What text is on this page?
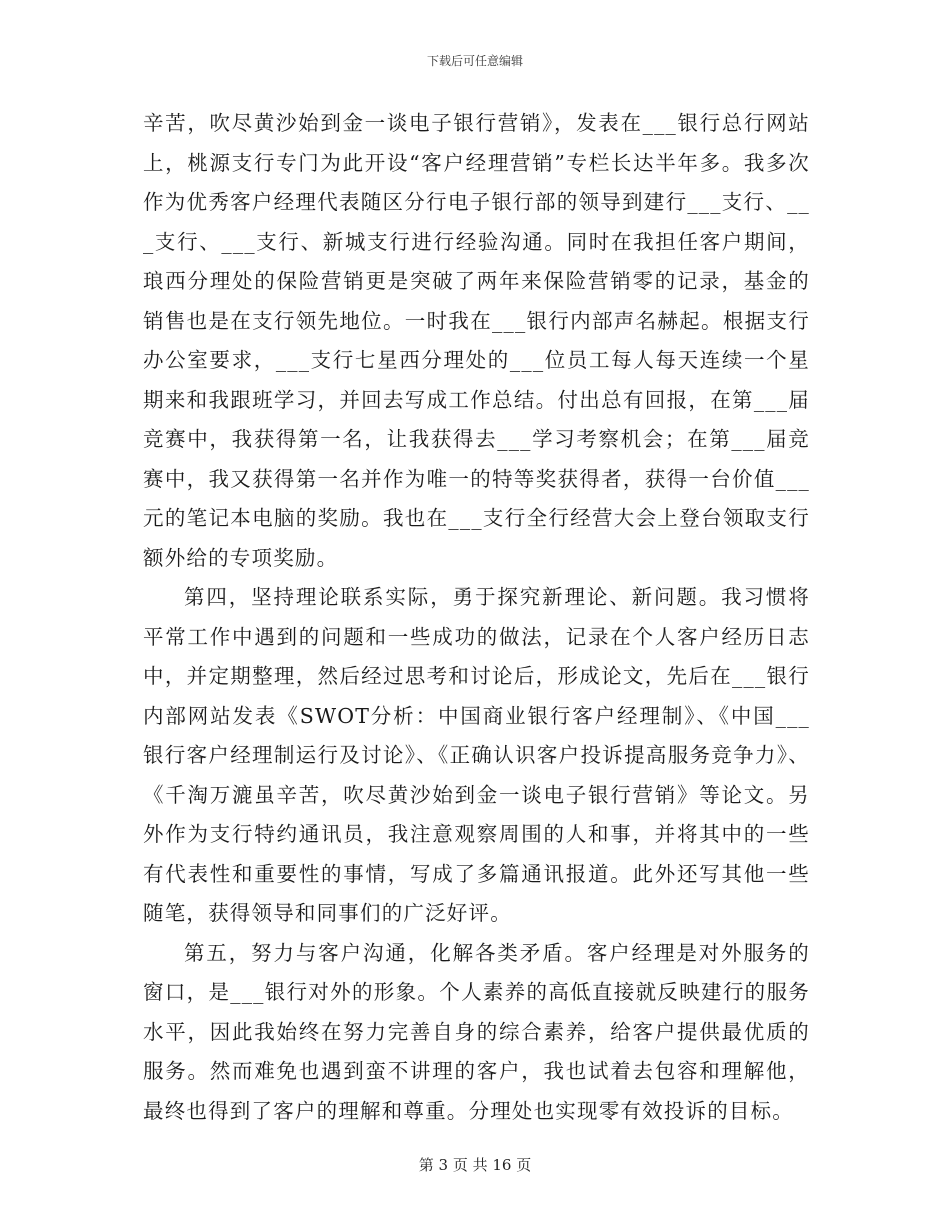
下载后可任意编辑

辛苦，吹尽黄沙始到金一谈电子银行营销》，发表在___银行总行网站上，桃源支行专门为此开设“客户经理营销”专栏长达半年多。我多次作为优秀客户经理代表随区分行电子银行部的领导到建行___支行、___支行、___支行、新城支行进行经验沟通。同时在我担任客户期间，琅西分理处的保险营销更是突破了两年来保险营销零的记录，基金的销售也是在支行领先地位。一时我在___银行内部声名赫起。根据支行办公室要求，___支行七星西分理处的___位员工每人每天连续一个星期来和我跟班学习，并回去写成工作总结。付出总有回报，在第___届竞赛中，我获得第一名，让我获得去___学习考察机会；在第___届竞赛中，我又获得第一名并作为唯一的特等奖获得者，获得一台价值___元的笔记本电脑的奖励。我也在___支行全行经营大会上登台领取支行额外给的专项奖励。

第四，坚持理论联系实际，勇于探究新理论、新问题。我习惯将平常工作中遇到的问题和一些成功的做法，记录在个人客户经历日志中，并定期整理，然后经过思考和讨论后，形成论文，先后在___银行内部网站发表《SWOT分析：中国商业银行客户经理制》、《中国___银行客户经理制运行及讨论》、《正确认识客户投诉提高服务竞争力》、《千淘万漉虽辛苦，吹尽黄沙始到金一谈电子银行营销》等论文。另外作为支行特约通讯员，我注意观察周围的人和事，并将其中的一些有代表性和重要性的事情，写成了多篇通讯报道。此外还写其他一些随笔，获得领导和同事们的广泛好评。

第五，努力与客户沟通，化解各类矛盾。客户经理是对外服务的窗口，是___银行对外的形象。个人素养的高低直接就反映建行的服务水平，因此我始终在努力完善自身的综合素养，给客户提供最优质的服务。然而难免也遇到蛮不讲理的客户，我也试着去包容和理解他，最终也得到了客户的理解和尊重。分理处也实现零有效投诉的目标。

第 3 页 共 16 页
